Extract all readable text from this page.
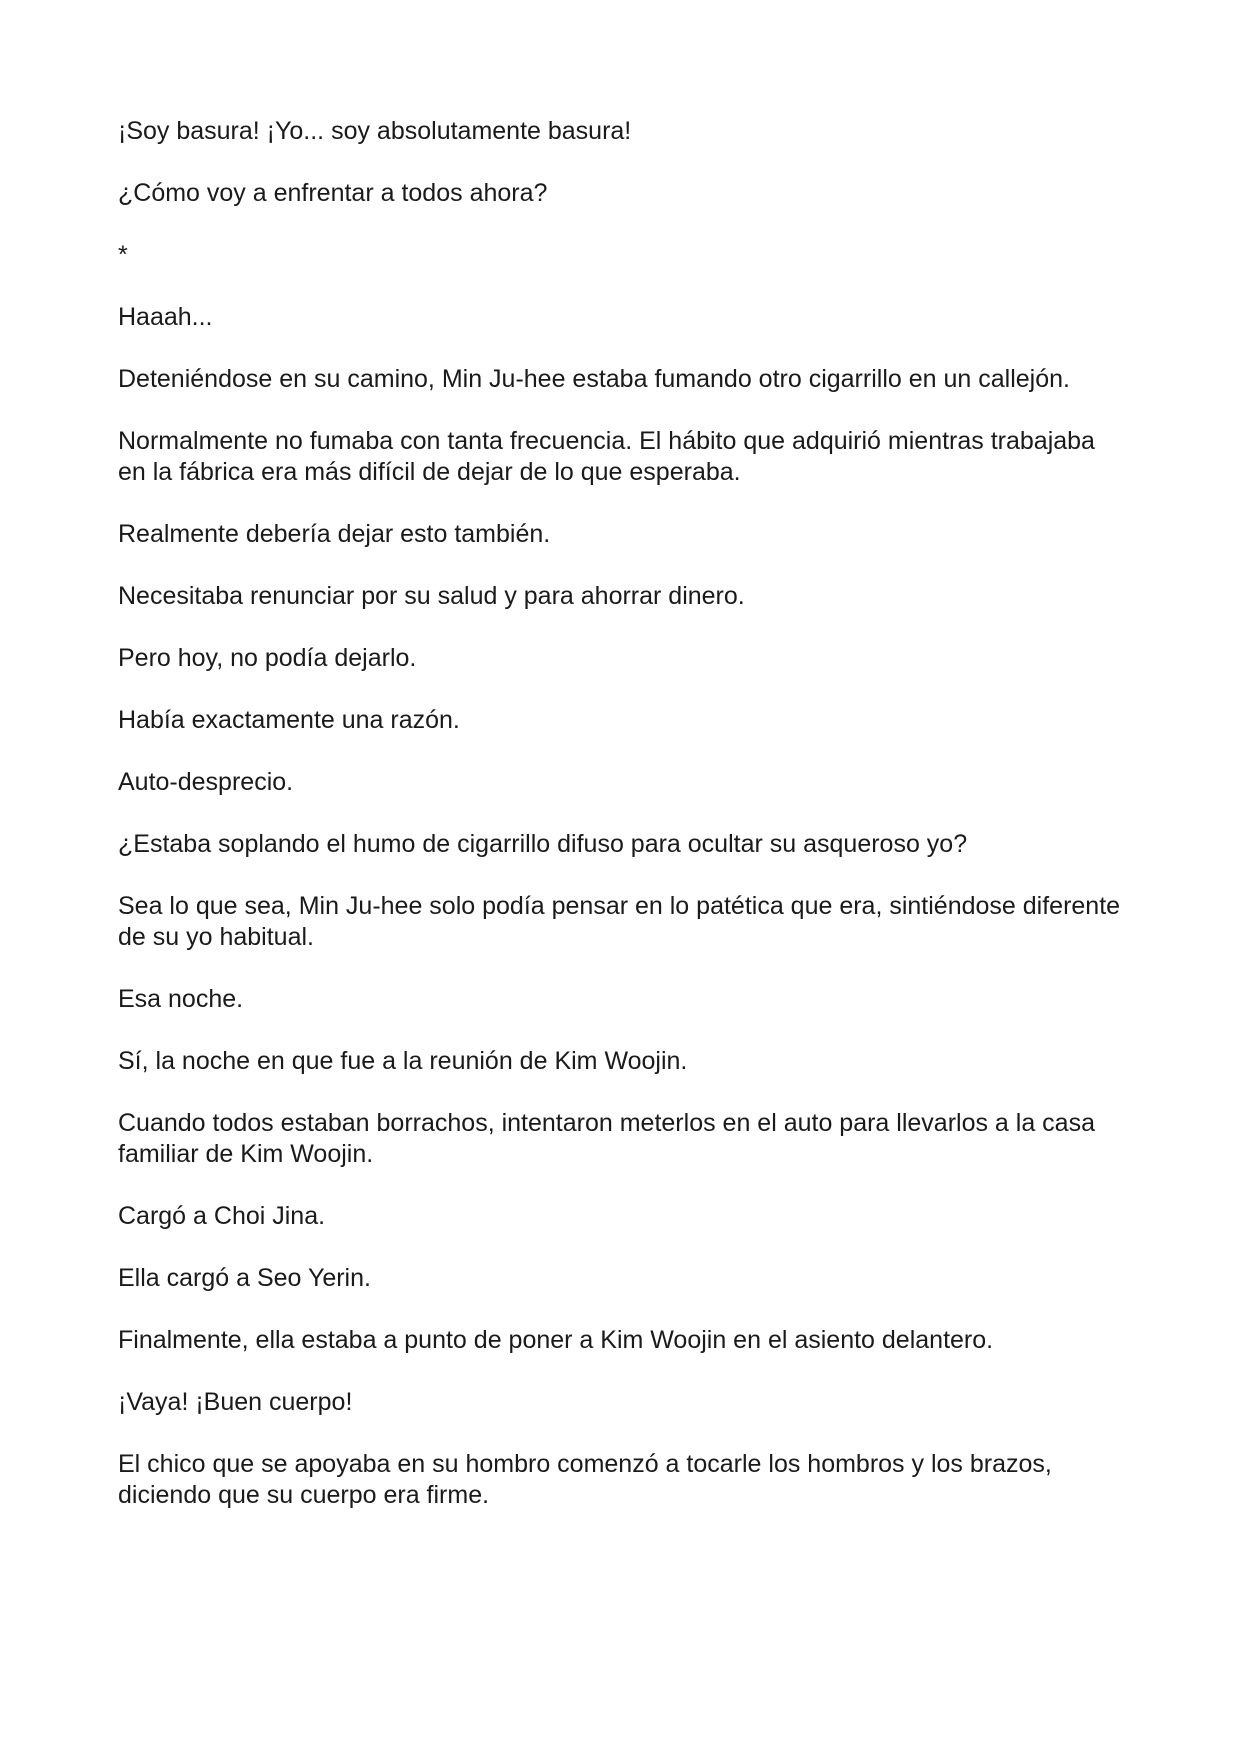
¡Soy basura! ¡Yo... soy absolutamente basura!

¿Cómo voy a enfrentar a todos ahora?

*

Haaah...

Deteniéndose en su camino, Min Ju-hee estaba fumando otro cigarrillo en un callejón.

Normalmente no fumaba con tanta frecuencia. El hábito que adquirió mientras trabajaba en la fábrica era más difícil de dejar de lo que esperaba.

Realmente debería dejar esto también.

Necesitaba renunciar por su salud y para ahorrar dinero.

Pero hoy, no podía dejarlo.

Había exactamente una razón.

Auto-desprecio.

¿Estaba soplando el humo de cigarrillo difuso para ocultar su asqueroso yo?

Sea lo que sea, Min Ju-hee solo podía pensar en lo patética que era, sintiéndose diferente de su yo habitual.

Esa noche.

Sí, la noche en que fue a la reunión de Kim Woojin.

Cuando todos estaban borrachos, intentaron meterlos en el auto para llevarlos a la casa familiar de Kim Woojin.

Cargó a Choi Jina.

Ella cargó a Seo Yerin.

Finalmente, ella estaba a punto de poner a Kim Woojin en el asiento delantero.

¡Vaya! ¡Buen cuerpo!

El chico que se apoyaba en su hombro comenzó a tocarle los hombros y los brazos, diciendo que su cuerpo era firme.
